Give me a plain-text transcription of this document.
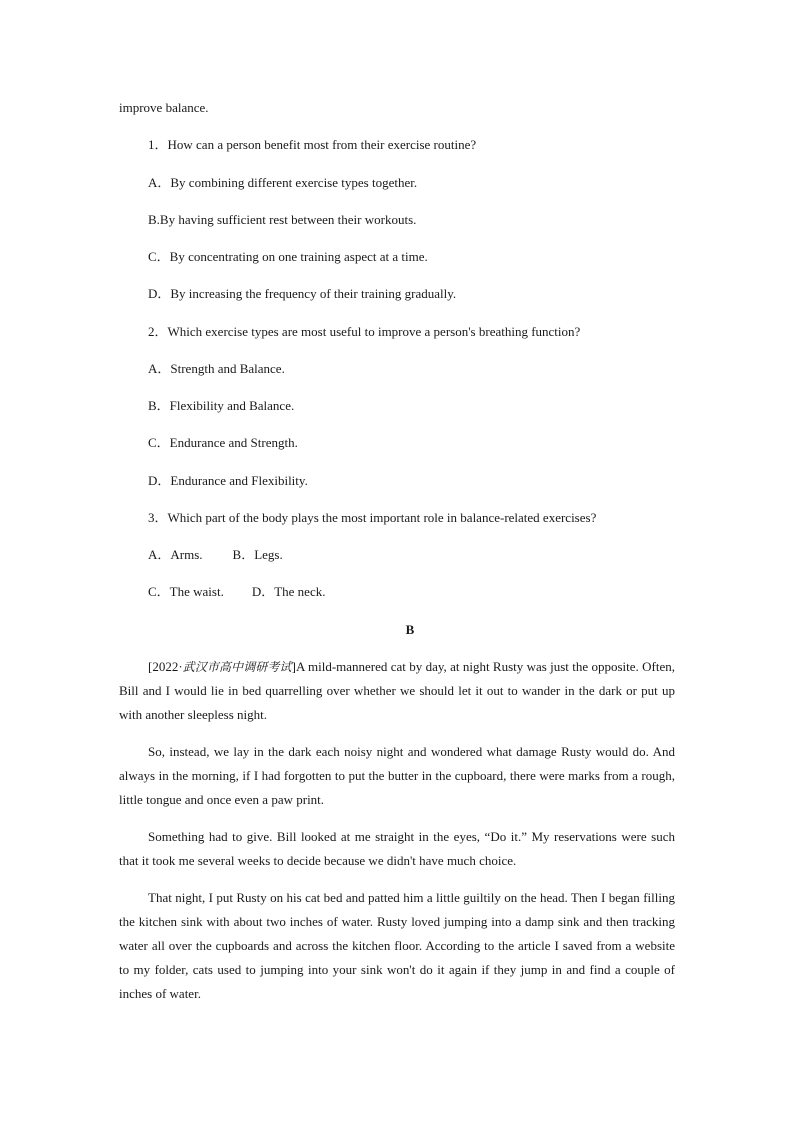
improve balance.
1．How can a person benefit most from their exercise routine?
A．By combining different exercise types together.
B.By having sufficient rest between their workouts.
C．By concentrating on one training aspect at a time.
D．By increasing the frequency of their training gradually.
2．Which exercise types are most useful to improve a person's breathing function?
A．Strength and Balance.
B．Flexibility and Balance.
C．Endurance and Strength.
D．Endurance and Flexibility.
3．Which part of the body plays the most important role in balance-related exercises?
A．Arms. B．Legs.
C．The waist. D．The neck.
B

[2022·武汉市高中调研考试]A mild-mannered cat by day, at night Rusty was just the opposite. Often, Bill and I would lie in bed quarrelling over whether we should let it out to wander in the dark or put up with another sleepless night.

So, instead, we lay in the dark each noisy night and wondered what damage Rusty would do. And always in the morning, if I had forgotten to put the butter in the cupboard, there were marks from a rough, little tongue and once even a paw print.

Something had to give. Bill looked at me straight in the eyes, “Do it.” My reservations were such that it took me several weeks to decide because we didn't have much choice.

That night, I put Rusty on his cat bed and patted him a little guiltily on the head. Then I began filling the kitchen sink with about two inches of water. Rusty loved jumping into a damp sink and then tracking water all over the cupboards and across the kitchen floor. According to the article I saved from a website to my folder, cats used to jumping into your sink won't do it again if they jump in and find a couple of inches of water.
